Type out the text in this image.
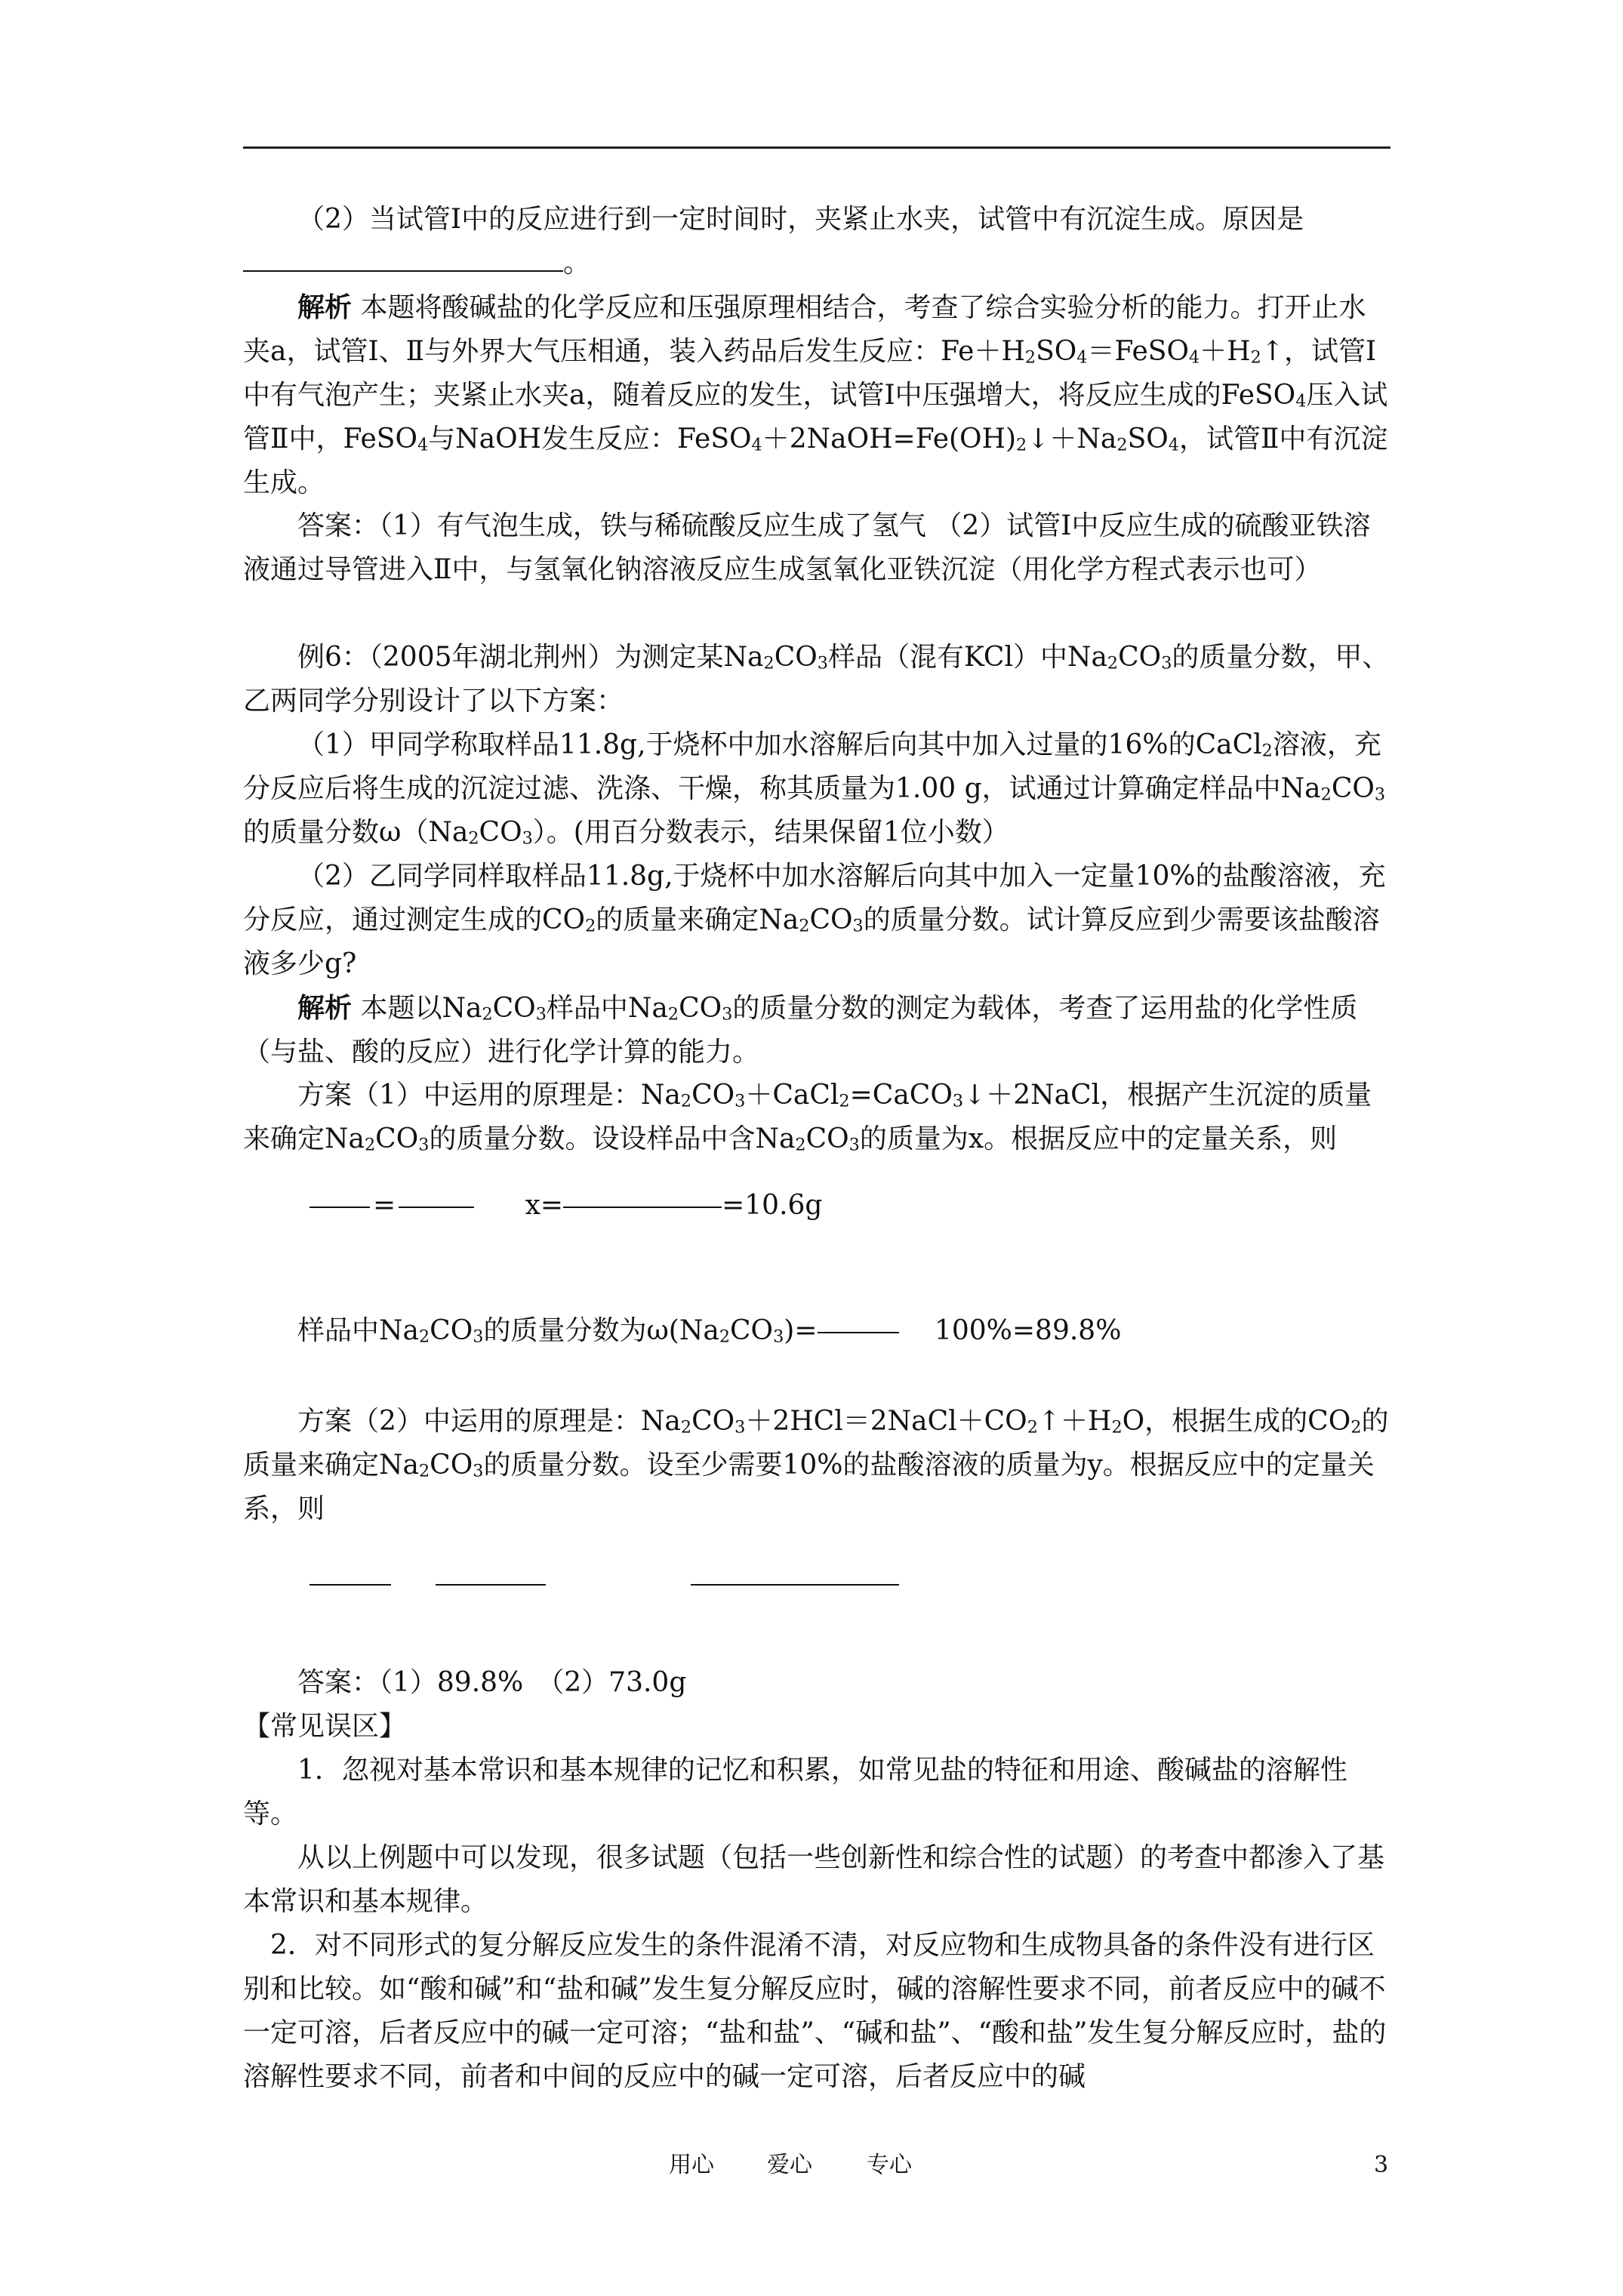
（2）当试管Ⅰ中的反应进行到一定时间时，夹紧止水夹，试管中有沉淀生成。原因是
。
解析 本题将酸碱盐的化学反应和压强原理相结合，考查了综合实验分析的能力。打开止水夹a，试管Ⅰ、Ⅱ与外界大气压相通，装入药品后发生反应：$Fe+H_2SO_4=FeSO_4+H_2↑$，试管Ⅰ中有气泡产生；夹紧止水夹a，随着反应的发生，试管Ⅰ中压强增大，将反应生成的FeSO$_4$压入试管Ⅱ中，FeSO$_4$与NaOH发生反应：$FeSO_4+2NaOH=Fe(OH)_2↓+Na_2SO_4$，试管Ⅱ中有沉淀生成。
答案：（1）有气泡生成，铁与稀硫酸反应生成了氢气 （2）试管Ⅰ中反应生成的硫酸亚铁溶液通过导管进入Ⅱ中，与氢氧化钠溶液反应生成氢氧化亚铁沉淀（用化学方程式表示也可）
例6：（2005年湖北荆州）为测定某$Na_2CO_3$样品（混有KCl）中$Na_2CO_3$的质量分数，甲、乙两同学分别设计了以下方案：
（1）甲同学称取样品11.8g,于烧杯中加水溶解后向其中加入过量的16%的CaCl$_2$溶液，充分反应后将生成的沉淀过滤、洗涤、干燥，称其质量为1.00 g，试通过计算确定样品中$Na_2CO_3$的质量分数$\omega(Na_2CO_3)$。(用百分数表示，结果保留1位小数）
（2）乙同学同样取样品11.8g,于烧杯中加水溶解后向其中加入一定量10%的盐酸溶液，充分反应，通过测定生成的$CO_2$的质量来确定$Na_2CO_3$的质量分数。试计算反应到少需要该盐酸溶液多少g?
解析 本题以$Na_2CO_3$样品中$Na_2CO_3$的质量分数的测定为载体，考查了运用盐的化学性质（与盐、酸的反应）进行化学计算的能力。
方案（1）中运用的原理是：$Na_2CO_3+CaCl_2=CaCO_3↓+2NaCl$，根据产生沉淀的质量来确定$Na_2CO_3$的质量分数。设设样品中含$Na_2CO_3$的质量为x。根据反应中的定量关系，则
=	x=	=10.6g
样品中$Na_2CO_3$的质量分数为$\omega(Na_2CO_3)=$	100%=89.8%
方案（2）中运用的原理是：$Na_2CO_3+2HCl=2NaCl+CO_2↑+H_2O$，根据生成的$CO_2$的质量来确定$Na_2CO_3$的质量分数。设至少需要10%的盐酸溶液的质量为y。根据反应中的定量关系，则

答案：（1）89.8%　（2）73.0g
【常见误区】
1．忽视对基本常识和基本规律的记忆和积累，如常见盐的特征和用途、酸碱盐的溶解性等。
从以上例题中可以发现，很多试题（包括一些创新性和综合性的试题）的考查中都渗入了基本常识和基本规律。
2．对不同形式的复分解反应发生的条件混淆不清，对反应物和生成物具备的条件没有进行区别和比较。如“酸和碱”和“盐和碱”发生复分解反应时，碱的溶解性要求不同，前者反应中的碱不一定可溶，后者反应中的碱一定可溶；“盐和盐”、“碱和盐”、“酸和盐”发生复分解反应时，盐的溶解性要求不同，前者和中间的反应中的碱一定可溶，后者反应中的碱
用心 爱心 专心	3
